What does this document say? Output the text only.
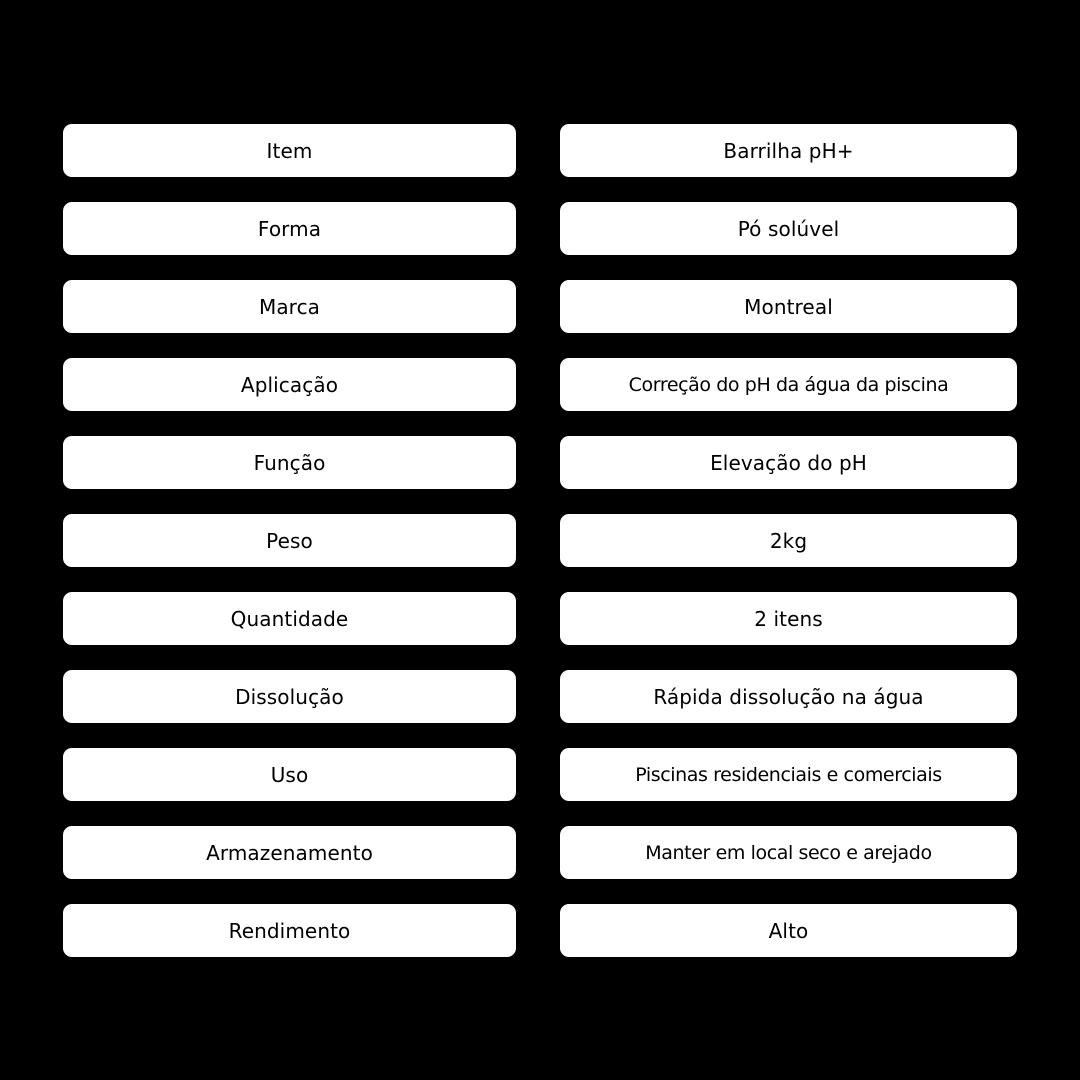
Item	Barrilha pH+
Forma	Pó solúvel
Marca	Montreal
Aplicação	Correção do pH da água da piscina
Função	Elevação do pH
Peso	2kg
Quantidade	2 itens
Dissolução	Rápida dissolução na água
Uso	Piscinas residenciais e comerciais
Armazenamento	Manter em local seco e arejado
Rendimento	Alto
